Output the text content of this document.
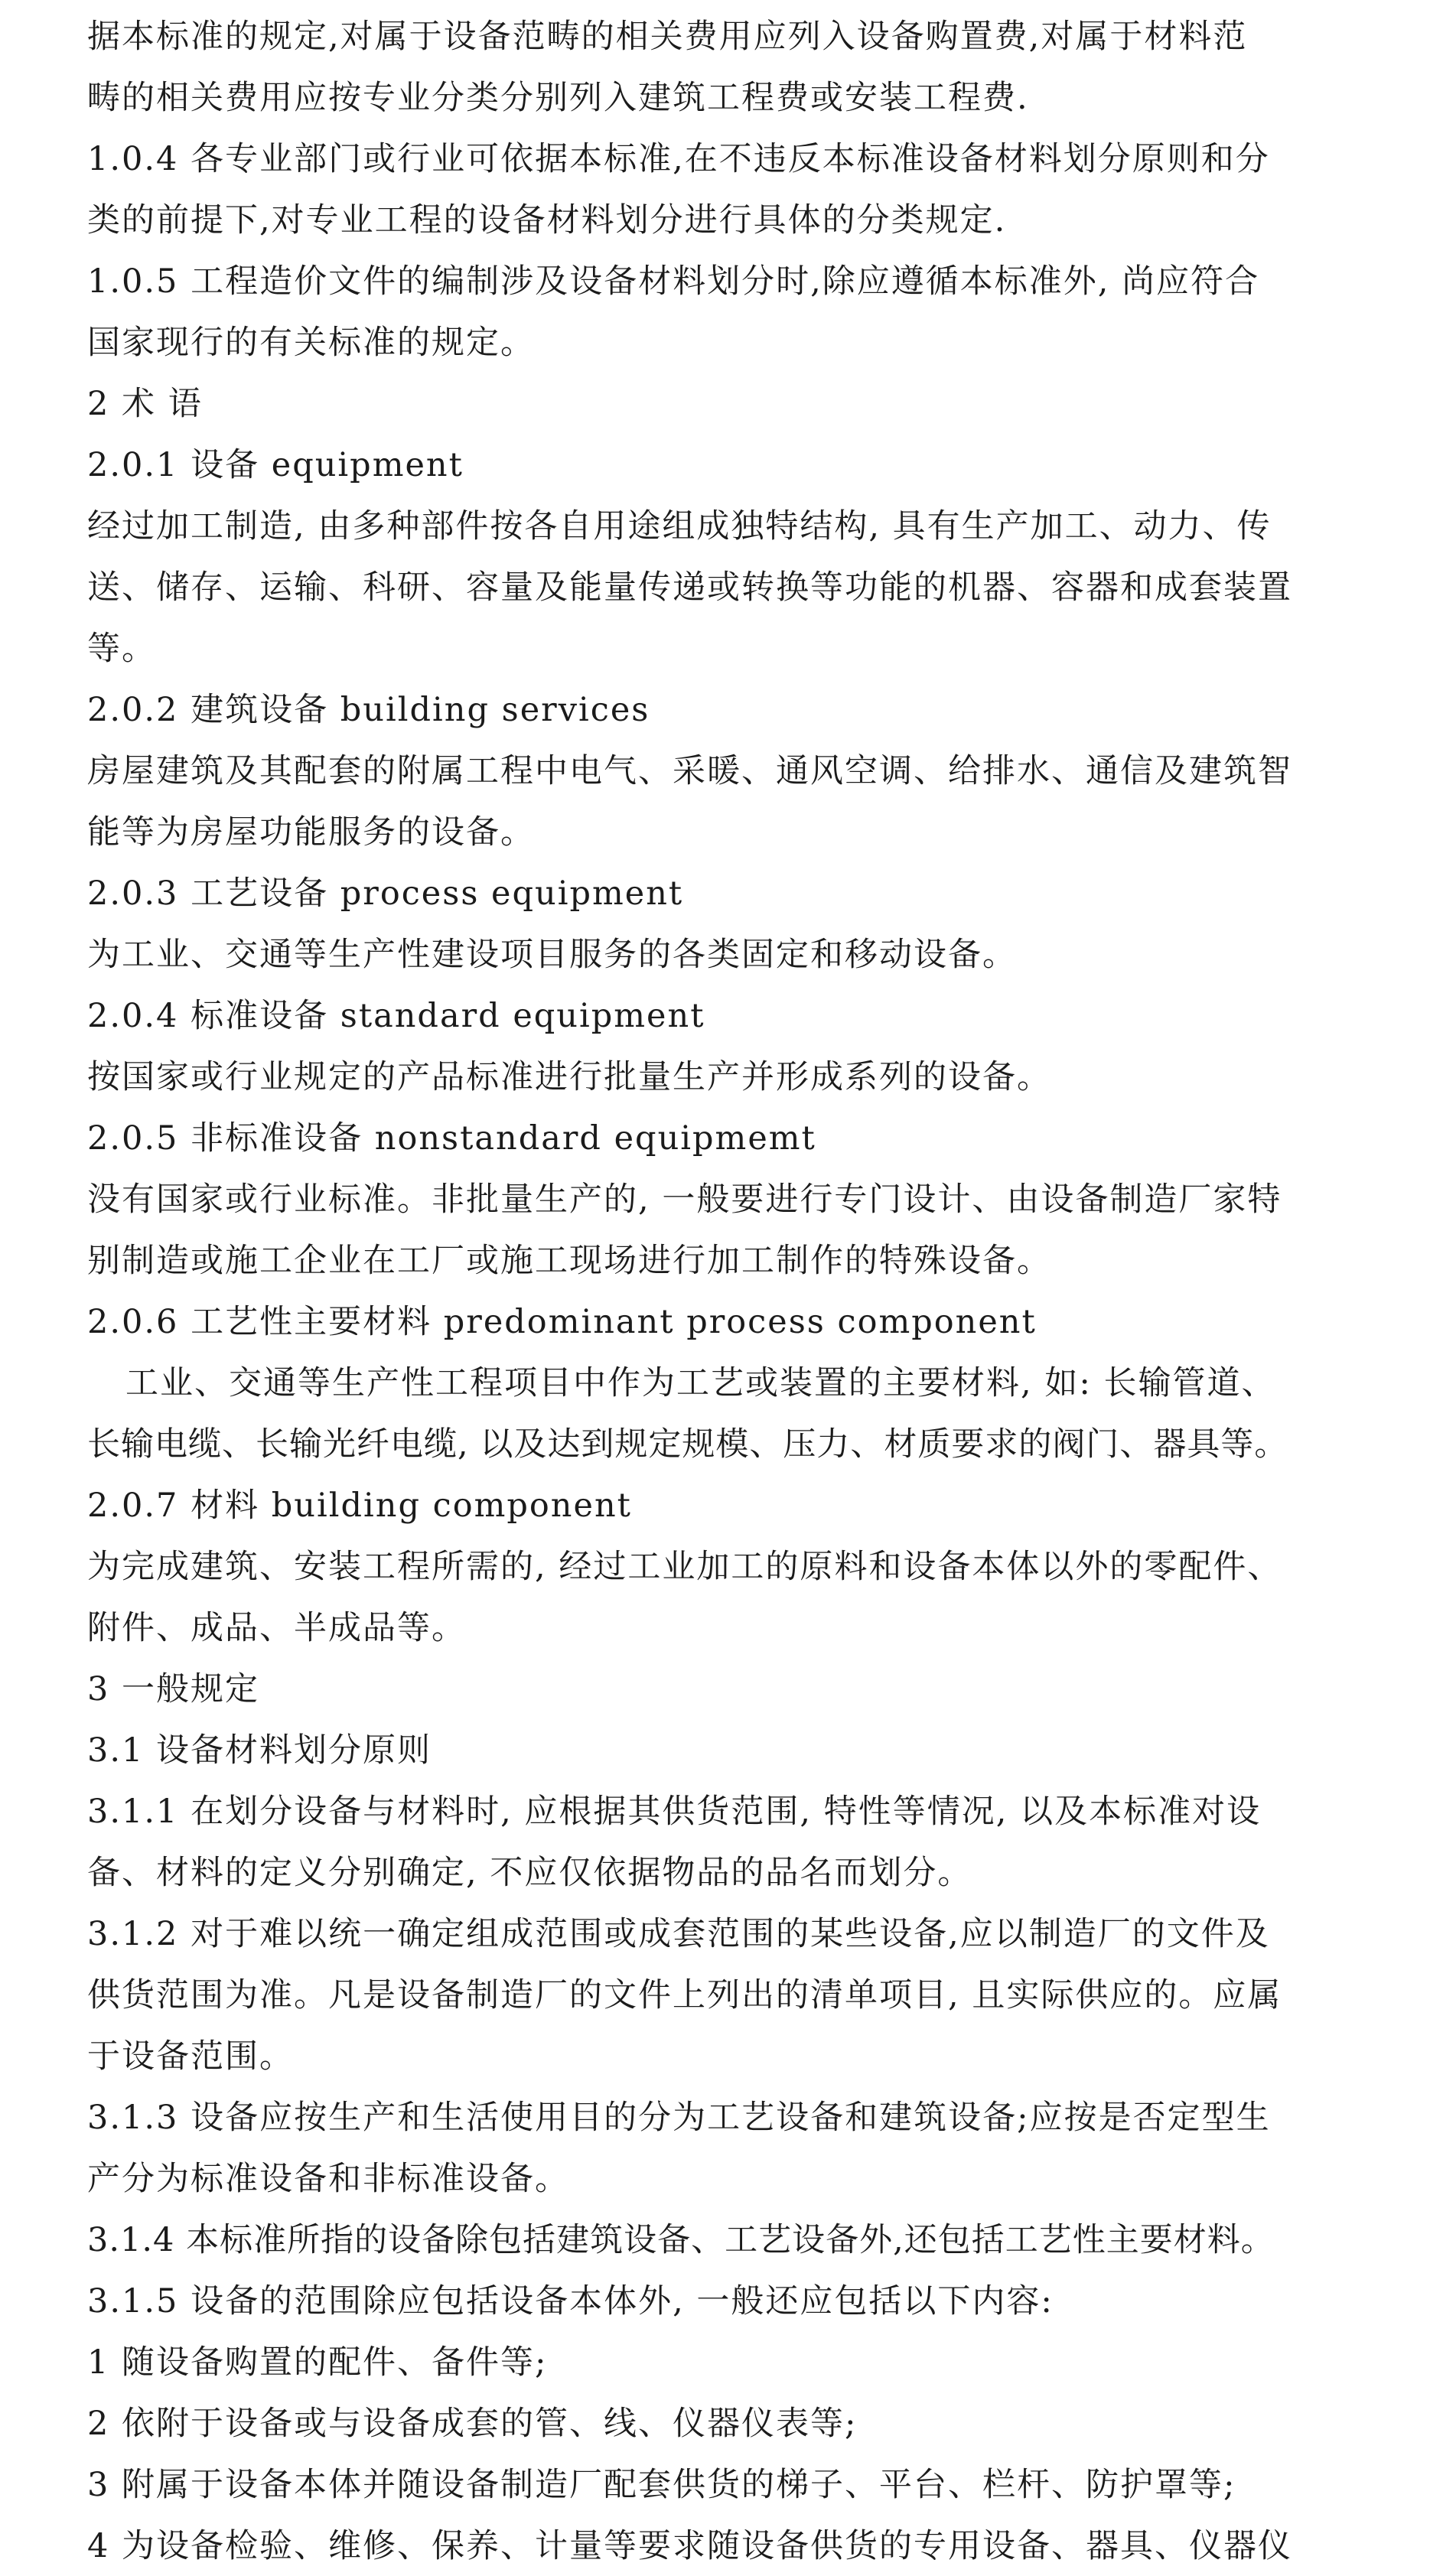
据本标准的规定,对属于设备范畴的相关费用应列入设备购置费,对属于材料范
畴的相关费用应按专业分类分别列入建筑工程费或安装工程费.
1.0.4 各专业部门或行业可依据本标准,在不违反本标准设备材料划分原则和分
类的前提下,对专业工程的设备材料划分进行具体的分类规定.
1.0.5 工程造价文件的编制涉及设备材料划分时,除应遵循本标准外, 尚应符合
国家现行的有关标准的规定。
2 术 语
2.0.1 设备 equipment
经过加工制造, 由多种部件按各自用途组成独特结构, 具有生产加工、动力、传
送、储存、运输、科研、容量及能量传递或转换等功能的机器、容器和成套装置
等。
2.0.2 建筑设备 building services
房屋建筑及其配套的附属工程中电气、采暖、通风空调、给排水、通信及建筑智
能等为房屋功能服务的设备。
2.0.3 工艺设备 process equipment
为工业、交通等生产性建设项目服务的各类固定和移动设备。
2.0.4 标准设备 standard equipment
按国家或行业规定的产品标准进行批量生产并形成系列的设备。
2.0.5 非标准设备 nonstandard equipmemt
没有国家或行业标准。非批量生产的, 一般要进行专门设计、由设备制造厂家特
别制造或施工企业在工厂或施工现场进行加工制作的特殊设备。
2.0.6 工艺性主要材料 predominant process component
工业、交通等生产性工程项目中作为工艺或装置的主要材料, 如: 长输管道、
长输电缆、长输光纤电缆, 以及达到规定规模、压力、材质要求的阀门、器具等。
2.0.7 材料 building component
为完成建筑、安装工程所需的, 经过工业加工的原料和设备本体以外的零配件、
附件、成品、半成品等。
3 一般规定
3.1 设备材料划分原则
3.1.1 在划分设备与材料时, 应根据其供货范围, 特性等情况, 以及本标准对设
备、材料的定义分别确定, 不应仅依据物品的品名而划分。
3.1.2 对于难以统一确定组成范围或成套范围的某些设备,应以制造厂的文件及
供货范围为准。凡是设备制造厂的文件上列出的清单项目, 且实际供应的。应属
于设备范围。
3.1.3 设备应按生产和生活使用目的分为工艺设备和建筑设备;应按是否定型生
产分为标准设备和非标准设备。
3.1.4 本标准所指的设备除包括建筑设备、工艺设备外,还包括工艺性主要材料。
3.1.5 设备的范围除应包括设备本体外, 一般还应包括以下内容:
1 随设备购置的配件、备件等;
2 依附于设备或与设备成套的管、线、仪器仪表等;
3 附属于设备本体并随设备制造厂配套供货的梯子、平台、栏杆、防护罩等;
4 为设备检验、维修、保养、计量等要求随设备供货的专用设备、器具、仪器仪
